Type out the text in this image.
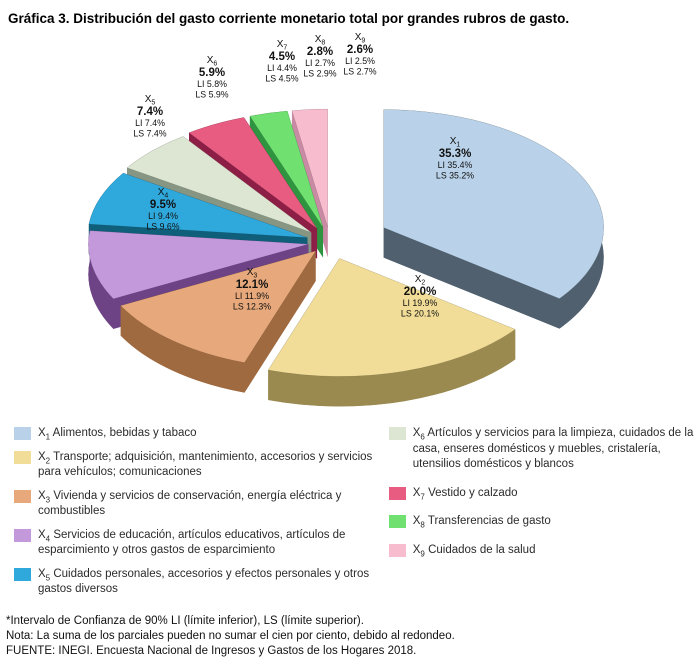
Gráfica 3. Distribución del gasto corriente monetario total por grandes rubros de gasto.
$X_1$
35.3%
LI 35.4%
LS 35.2%
$X_2$
20.0%
LI 19.9%
LS 20.1%
$X_3$
12.1%
LI 11.9%
LS 12.3%
$X_4$
9.5%
LI 9.4%
LS 9.6%
$X_5$
7.4%
LI 7.4%
LS 7.4%
$X_6$
5.9%
LI 5.8%
LS 5.9%
$X_7$
4.5%
LI 4.4%
LS 4.5%
$X_8$
2.8%
LI 2.7%
LS 2.9%
$X_9$
2.6%
LI 2.5%
LS 2.7%
$X_1$ Alimentos, bebidas y tabaco
$X_2$ Transporte; adquisición, mantenimiento, accesorios y servicios para vehículos; comunicaciones
$X_3$ Vivienda y servicios de conservación, energía eléctrica y combustibles
$X_4$ Servicios de educación, artículos educativos, artículos de esparcimiento y otros gastos de esparcimiento
$X_5$ Cuidados personales, accesorios y efectos personales y otros gastos diversos
$X_6$ Artículos y servicios para la limpieza, cuidados de la casa, enseres domésticos y muebles, cristalería, utensilios domésticos y blancos
$X_7$ Vestido y calzado
$X_8$ Transferencias de gasto
$X_9$ Cuidados de la salud
*Intervalo de Confianza de 90% LI (límite inferior), LS (límite superior).
Nota: La suma de los parciales pueden no sumar el cien por ciento, debido al redondeo.
FUENTE: INEGI. Encuesta Nacional de Ingresos y Gastos de los Hogares 2018.
